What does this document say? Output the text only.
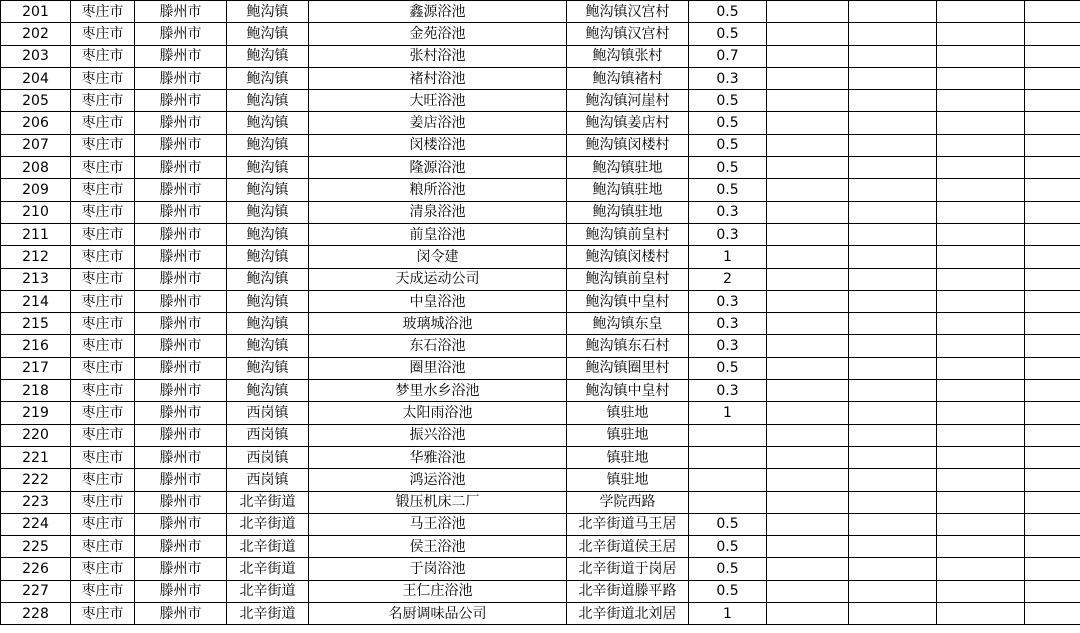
201	枣庄市	滕州市	鲍沟镇	鑫源浴池	鲍沟镇汉宫村	0.5				
202	枣庄市	滕州市	鲍沟镇	金苑浴池	鲍沟镇汉宫村	0.5				
203	枣庄市	滕州市	鲍沟镇	张村浴池	鲍沟镇张村	0.7				
204	枣庄市	滕州市	鲍沟镇	褚村浴池	鲍沟镇褚村	0.3				
205	枣庄市	滕州市	鲍沟镇	大旺浴池	鲍沟镇河崖村	0.5				
206	枣庄市	滕州市	鲍沟镇	姜店浴池	鲍沟镇姜店村	0.5				
207	枣庄市	滕州市	鲍沟镇	闵楼浴池	鲍沟镇闵楼村	0.5				
208	枣庄市	滕州市	鲍沟镇	隆源浴池	鲍沟镇驻地	0.5				
209	枣庄市	滕州市	鲍沟镇	粮所浴池	鲍沟镇驻地	0.5				
210	枣庄市	滕州市	鲍沟镇	清泉浴池	鲍沟镇驻地	0.3				
211	枣庄市	滕州市	鲍沟镇	前皇浴池	鲍沟镇前皇村	0.3				
212	枣庄市	滕州市	鲍沟镇	闵令建	鲍沟镇闵楼村	1				
213	枣庄市	滕州市	鲍沟镇	天成运动公司	鲍沟镇前皇村	2				
214	枣庄市	滕州市	鲍沟镇	中皇浴池	鲍沟镇中皇村	0.3				
215	枣庄市	滕州市	鲍沟镇	玻璃城浴池	鲍沟镇东皇	0.3				
216	枣庄市	滕州市	鲍沟镇	东石浴池	鲍沟镇东石村	0.3				
217	枣庄市	滕州市	鲍沟镇	圈里浴池	鲍沟镇圈里村	0.5				
218	枣庄市	滕州市	鲍沟镇	梦里水乡浴池	鲍沟镇中皇村	0.3				
219	枣庄市	滕州市	西岗镇	太阳雨浴池	镇驻地	1				
220	枣庄市	滕州市	西岗镇	振兴浴池	镇驻地					
221	枣庄市	滕州市	西岗镇	华雅浴池	镇驻地					
222	枣庄市	滕州市	西岗镇	鸿运浴池	镇驻地					
223	枣庄市	滕州市	北辛街道	锻压机床二厂	学院西路					
224	枣庄市	滕州市	北辛街道	马王浴池	北辛街道马王居	0.5				
225	枣庄市	滕州市	北辛街道	侯王浴池	北辛街道侯王居	0.5				
226	枣庄市	滕州市	北辛街道	于岗浴池	北辛街道于岗居	0.5				
227	枣庄市	滕州市	北辛街道	王仁庄浴池	北辛街道滕平路	0.5				
228	枣庄市	滕州市	北辛街道	名厨调味品公司	北辛街道北刘居	1				
